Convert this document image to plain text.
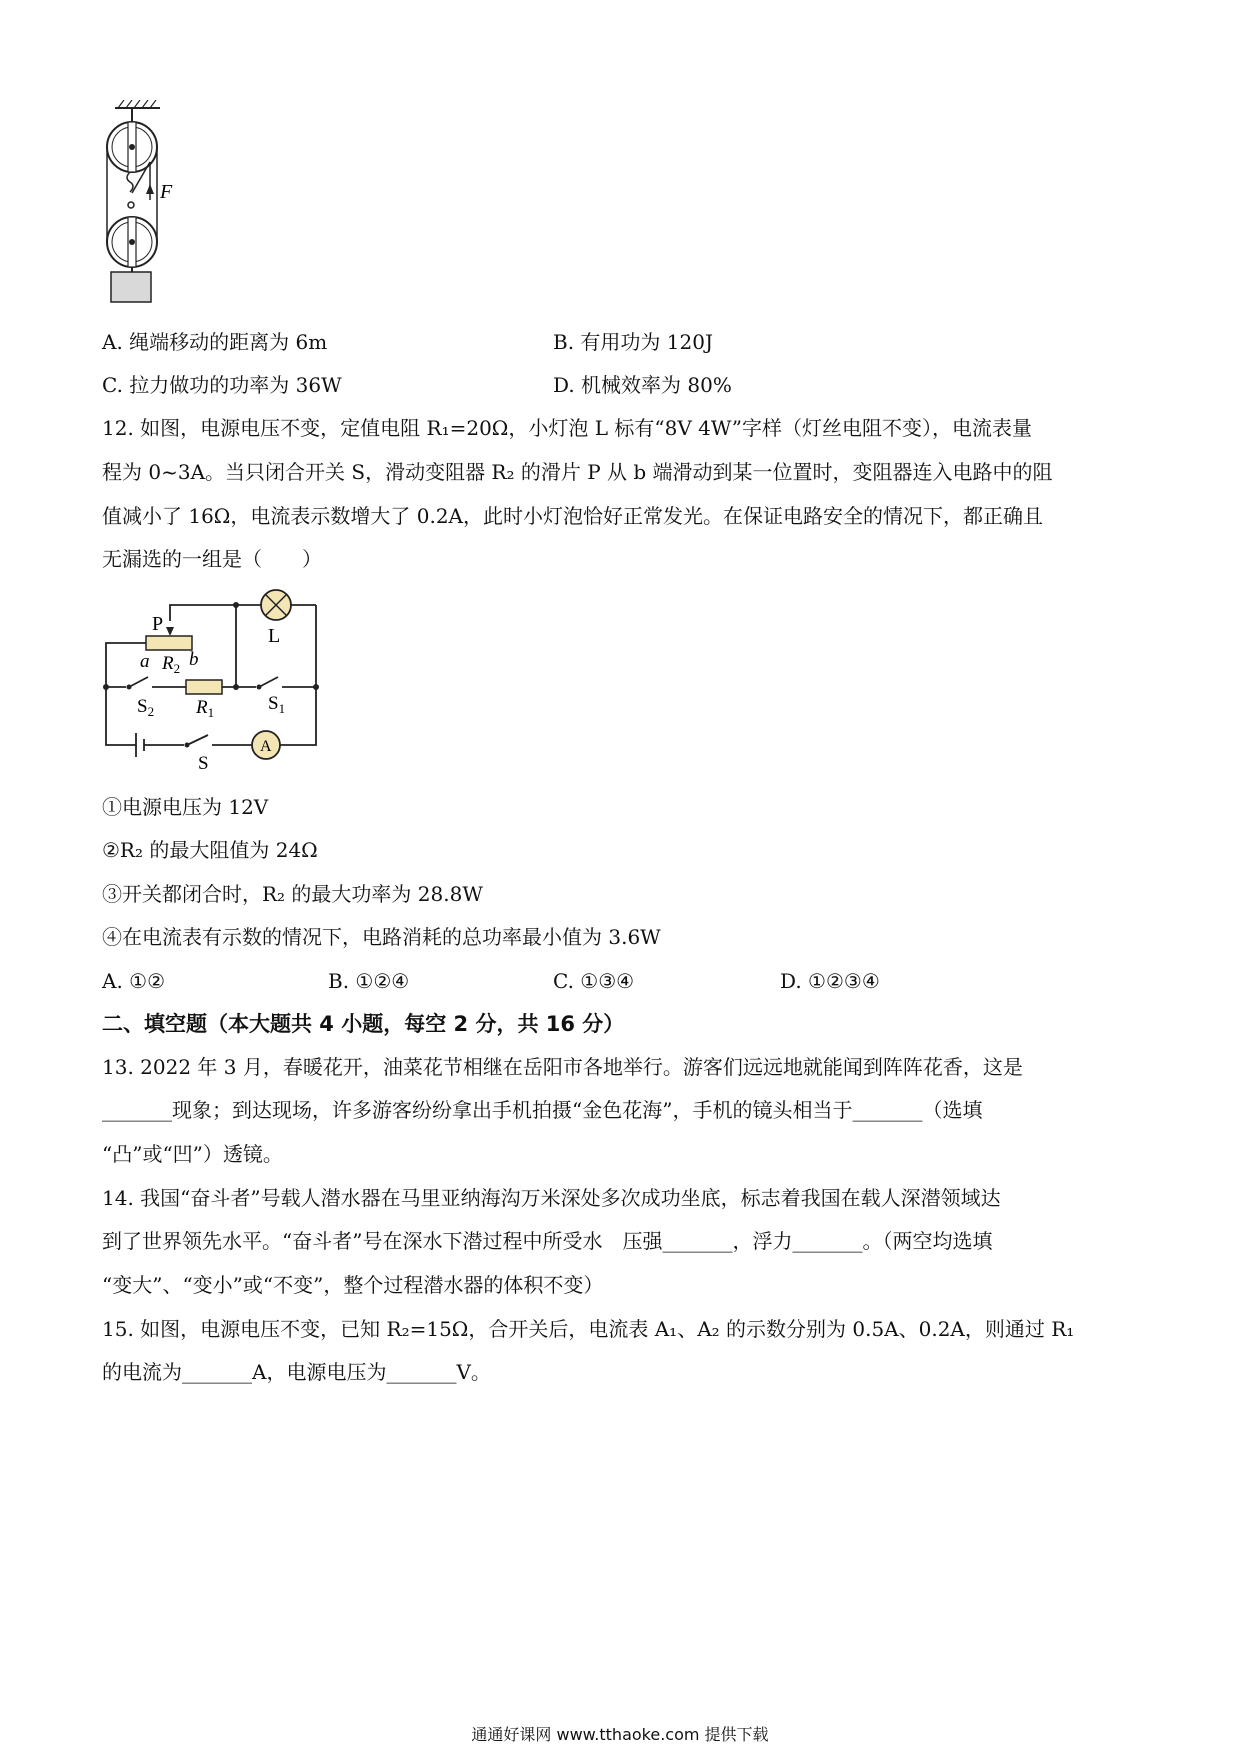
F
A. 绳端移动的距离为 6m	B. 有用功为 120J
C. 拉力做功的功率为 36W	D. 机械效率为 80%
12. 如图，电源电压不变，定值电阻 R₁=20Ω，小灯泡 L 标有“8V 4W”字样（灯丝电阻不变），电流表量
程为 0~3A。当只闭合开关 S，滑动变阻器 R₂ 的滑片 P 从 b 端滑动到某一位置时，变阻器连入电路中的阻
值减小了 16Ω，电流表示数增大了 0.2A，此时小灯泡恰好正常发光。在保证电路安全的情况下，都正确且
无漏选的一组是（　　）
P
a $R_2$ b
L
$S_2$ $R_1$	$S_1$
S
A
①电源电压为 12V
②R₂ 的最大阻值为 24Ω
③开关都闭合时，R₂ 的最大功率为 28.8W
④在电流表有示数的情况下，电路消耗的总功率最小值为 3.6W
A. ①②	B. ①②④	C. ①③④	D. ①②③④
二、填空题（本大题共 4 小题，每空 2 分，共 16 分）
13. 2022 年 3 月，春暖花开，油菜花节相继在岳阳市各地举行。游客们远远地就能闻到阵阵花香，这是
_______现象；到达现场，许多游客纷纷拿出手机拍摄“金色花海”，手机的镜头相当于_______（选填
“凸”或“凹”）透镜。
14. 我国“奋斗者”号载人潜水器在马里亚纳海沟万米深处多次成功坐底，标志着我国在载人深潜领域达
到了世界领先水平。“奋斗者”号在深水下潜过程中所受水　压强_______，浮力_______。（两空均选填
“变大”、“变小”或“不变”，整个过程潜水器的体积不变）
15. 如图，电源电压不变，已知 R₂=15Ω，合开关后，电流表 A₁、A₂ 的示数分别为 0.5A、0.2A，则通过 R₁
的电流为_______A，电源电压为_______V。
通通好课网 www.tthaoke.com 提供下载
